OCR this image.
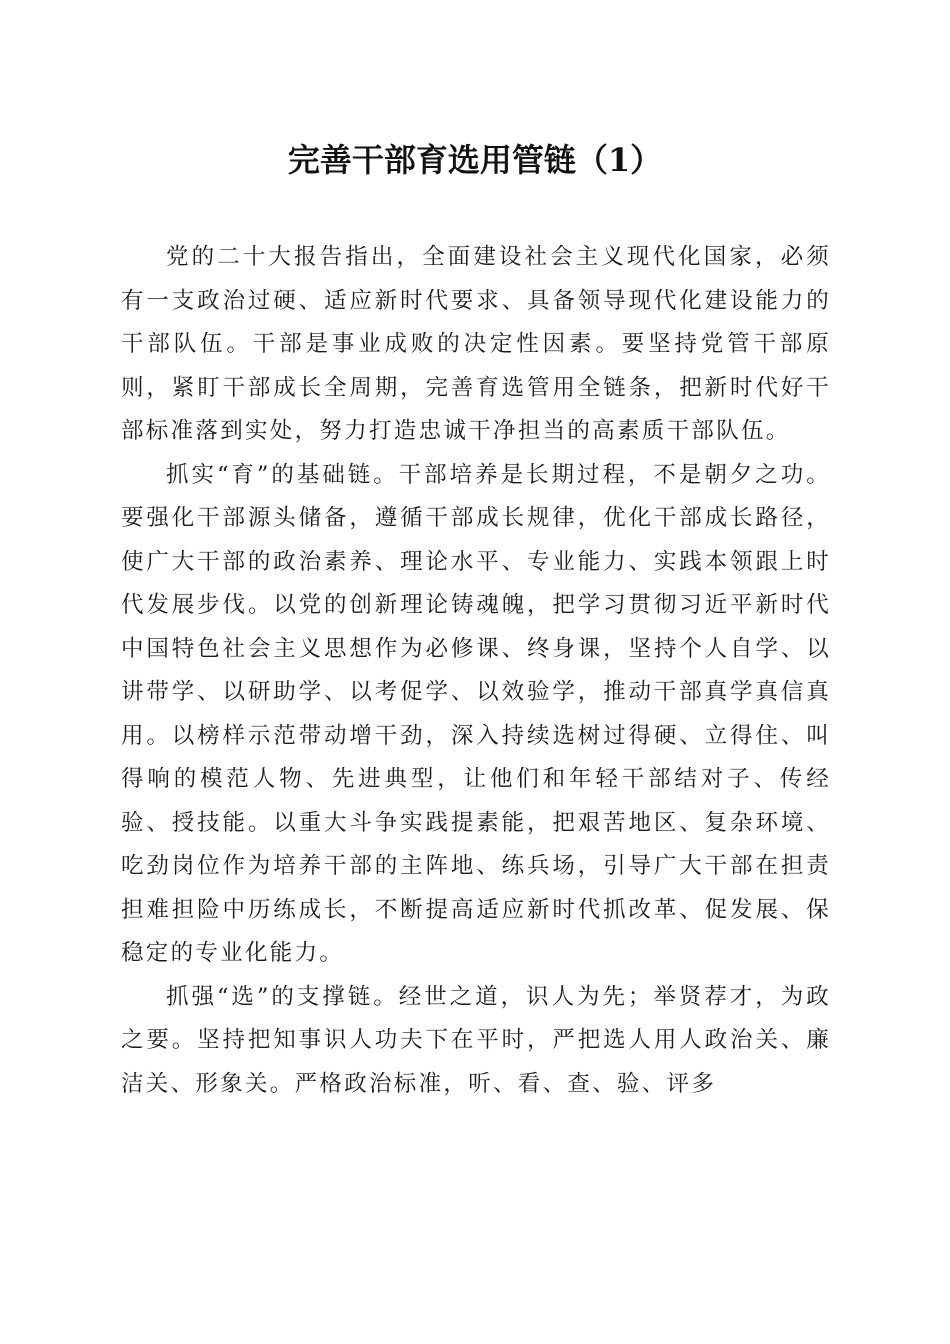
完善干部育选用管链（1）

党的二十大报告指出，全面建设社会主义现代化国家，必须有一支政治过硬、适应新时代要求、具备领导现代化建设能力的干部队伍。干部是事业成败的决定性因素。要坚持党管干部原则，紧盯干部成长全周期，完善育选管用全链条，把新时代好干部标准落到实处，努力打造忠诚干净担当的高素质干部队伍。

抓实“育”的基础链。干部培养是长期过程，不是朝夕之功。要强化干部源头储备，遵循干部成长规律，优化干部成长路径，使广大干部的政治素养、理论水平、专业能力、实践本领跟上时代发展步伐。以党的创新理论铸魂魄，把学习贯彻习近平新时代中国特色社会主义思想作为必修课、终身课，坚持个人自学、以讲带学、以研助学、以考促学、以效验学，推动干部真学真信真用。以榜样示范带动增干劲，深入持续选树过得硬、立得住、叫得响的模范人物、先进典型，让他们和年轻干部结对子、传经验、授技能。以重大斗争实践提素能，把艰苦地区、复杂环境、吃劲岗位作为培养干部的主阵地、练兵场，引导广大干部在担责担难担险中历练成长，不断提高适应新时代抓改革、促发展、保稳定的专业化能力。

抓强“选”的支撑链。经世之道，识人为先；举贤荐才，为政之要。坚持把知事识人功夫下在平时，严把选人用人政治关、廉洁关、形象关。严格政治标准，听、看、查、验、评多
